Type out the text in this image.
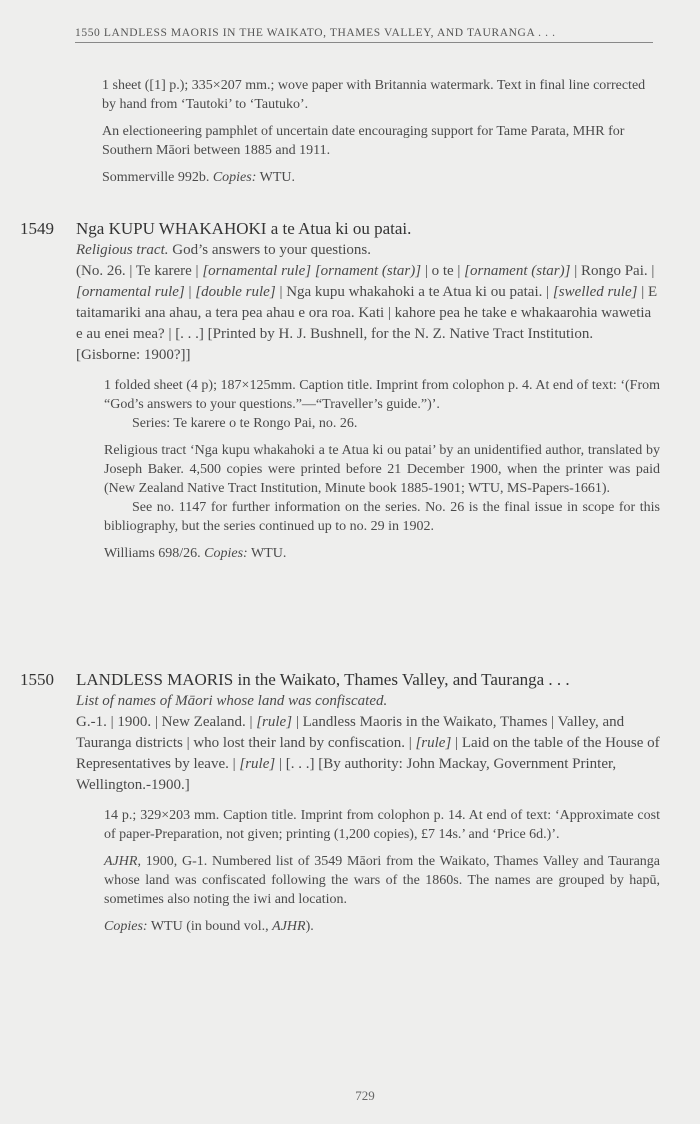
1550 LANDLESS MAORIS IN THE WAIKATO, THAMES VALLEY, AND TAURANGA . . .

1 sheet ([1] p.); 335×207 mm.; wove paper with Britannia watermark. Text in final line corrected by hand from ‘Tautoki’ to ‘Tautuko’.

An electioneering pamphlet of uncertain date encouraging support for Tame Parata, MHR for Southern Māori between 1885 and 1911.

Sommerville 992b. Copies: WTU.

1549	Nga KUPU WHAKAHOKI a te Atua ki ou patai.

Religious tract. God’s answers to your questions.

(No. 26. | Te karere | [ornamental rule] [ornament (star)] | o te | [ornament (star)] | Rongo Pai. | [ornamental rule] | [double rule] | Nga kupu whakahoki a te Atua ki ou patai. | [swelled rule] | E taitamariki ana ahau, a tera pea ahau e ora roa. Kati | kahore pea he take e whakaarohia wawetia e au enei mea? | [. . .] [Printed by H. J. Bushnell, for the N. Z. Native Tract Institution. [Gisborne: 1900?]]

1 folded sheet (4 p); 187×125mm. Caption title. Imprint from colophon p. 4. At end of text: ‘(From “God’s answers to your questions.”—“Traveller’s guide.”)’.

Series: Te karere o te Rongo Pai, no. 26.

Religious tract ‘Nga kupu whakahoki a te Atua ki ou patai’ by an unidentified author, translated by Joseph Baker. 4,500 copies were printed before 21 December 1900, when the printer was paid (New Zealand Native Tract Institution, Minute book 1885-1901; WTU, MS-Papers-1661).

See no. 1147 for further information on the series. No. 26 is the final issue in scope for this bibliography, but the series continued up to no. 29 in 1902.

Williams 698/26. Copies: WTU.

1550	LANDLESS MAORIS in the Waikato, Thames Valley, and Tauranga . . .

List of names of Māori whose land was confiscated.

G.-1. | 1900. | New Zealand. | [rule] | Landless Maoris in the Waikato, Thames | Valley, and Tauranga districts | who lost their land by confiscation. | [rule] | Laid on the table of the House of Representatives by leave. | [rule] | [. . .] [By authority: John Mackay, Government Printer, Wellington.-1900.]

14 p.; 329×203 mm. Caption title. Imprint from colophon p. 14. At end of text: ‘Approximate cost of paper-Preparation, not given; printing (1,200 copies), £7 14s.’ and ‘Price 6d.)’.

AJHR, 1900, G-1. Numbered list of 3549 Māori from the Waikato, Thames Valley and Tauranga whose land was confiscated following the wars of the 1860s. The names are grouped by hapū, sometimes also noting the iwi and location.

Copies: WTU (in bound vol., AJHR).

729
